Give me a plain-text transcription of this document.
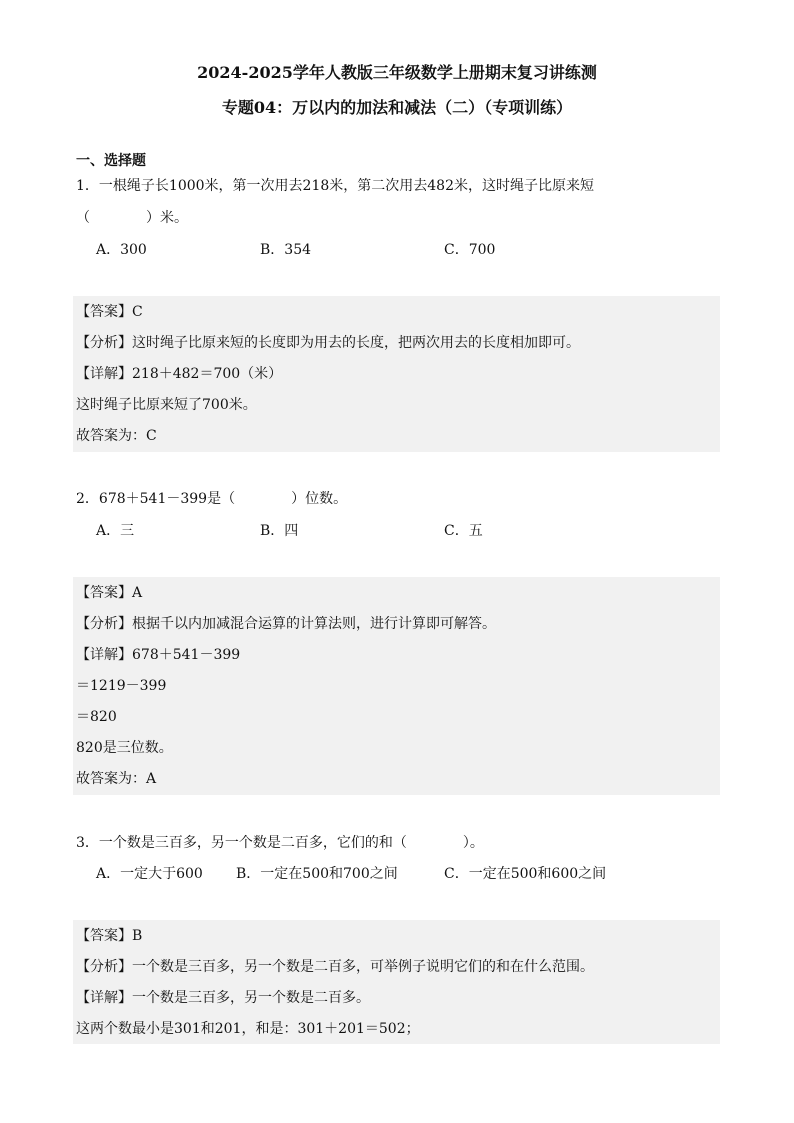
2024-2025学年人教版三年级数学上册期末复习讲练测
专题04：万以内的加法和减法（二）（专项训练）
一、选择题
1．一根绳子长1000米，第一次用去218米，第二次用去482米，这时绳子比原来短
（　　　　）米。
A．300	B．354	C．700
【答案】C
【分析】这时绳子比原来短的长度即为用去的长度，把两次用去的长度相加即可。
【详解】218＋482＝700（米）
这时绳子比原来短了700米。
故答案为：C
2．678＋541－399是（　　　　）位数。
A．三	B．四	C．五
【答案】A
【分析】根据千以内加减混合运算的计算法则，进行计算即可解答。
【详解】678＋541－399
＝1219－399
＝820
820是三位数。
故答案为：A
3．一个数是三百多，另一个数是二百多，它们的和（　　　　）。
A．一定大于600 B．一定在500和700之间	C．一定在500和600之间
【答案】B
【分析】一个数是三百多，另一个数是二百多，可举例子说明它们的和在什么范围。
【详解】一个数是三百多，另一个数是二百多。
这两个数最小是301和201，和是：301＋201＝502；
